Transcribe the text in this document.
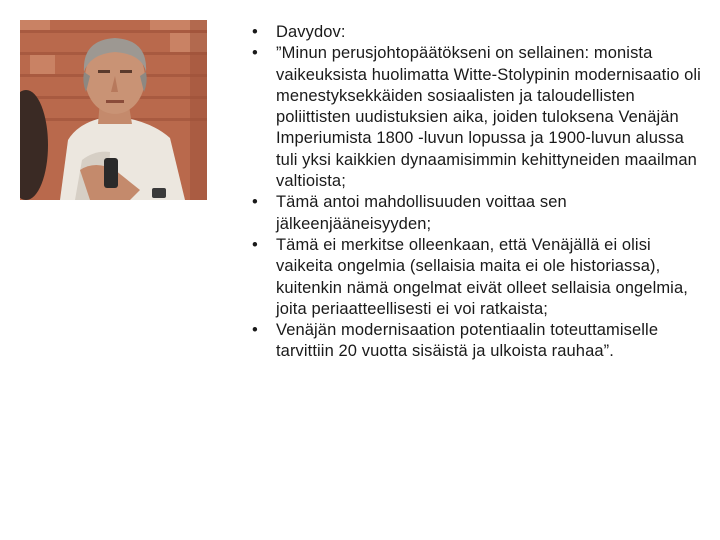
•	Davydov:
•	”Minun perusjohtopäätökseni on sellainen: monista vaikeuksista huolimatta Witte-Stolypinin modernisaatio oli menestyksekkäiden sosiaalisten ja taloudellisten poliittisten uudistuksien aika, joiden tuloksena Venäjän Imperiumista 1800 -luvun lopussa ja 1900-luvun alussa tuli yksi kaikkien dynaamisimmin kehittyneiden maailman valtioista;
•	Tämä antoi mahdollisuuden voittaa sen jälkeenjääneisyyden;
•	Tämä ei merkitse olleenkaan, että Venäjällä ei olisi vaikeita ongelmia (sellaisia maita ei ole historiassa), kuitenkin nämä ongelmat eivät olleet sellaisia ongelmia, joita periaatteellisesti ei voi ratkaista;
•	Venäjän modernisaation potentiaalin toteuttamiselle tarvittiin 20 vuotta sisäistä ja ulkoista rauhaa”.
